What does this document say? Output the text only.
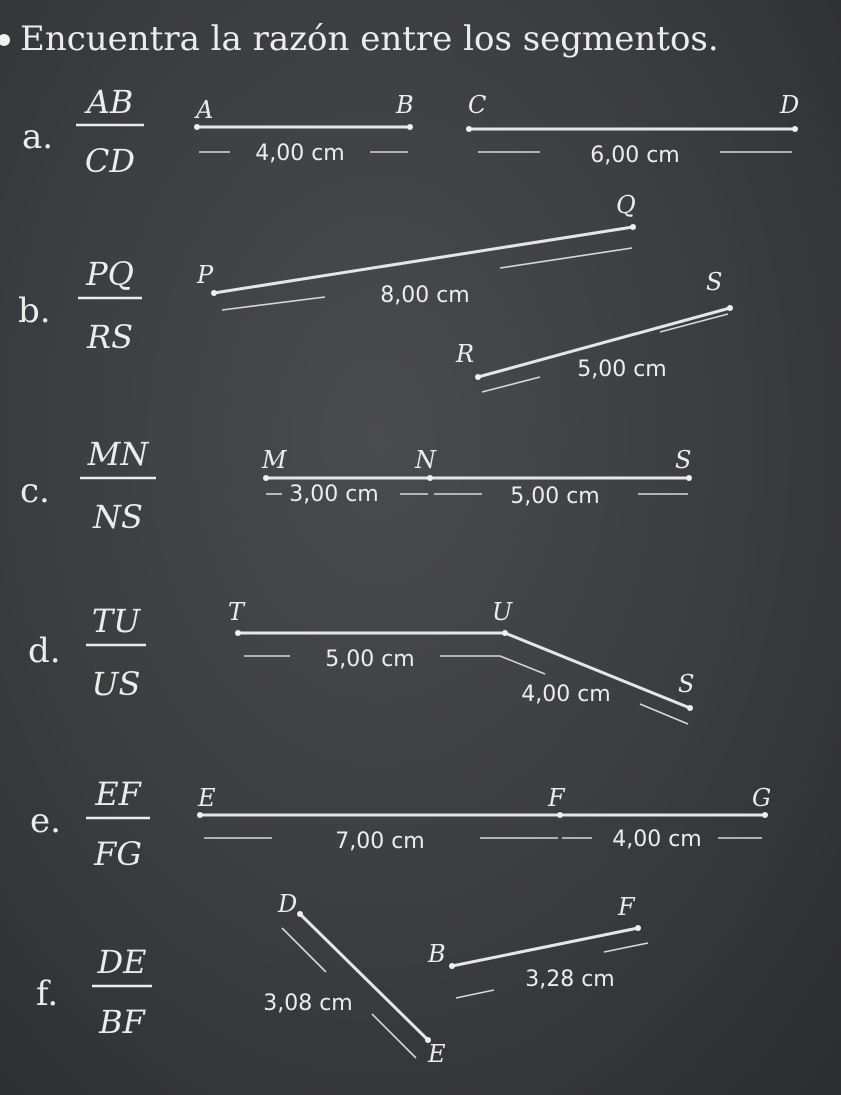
Encuentra la razón entre los segmentos.
a.
AB
CD
A	B
4,00 cm
C	D
6,00 cm
b.
PQ
RS
P
Q
8,00 cm
R
S
5,00 cm
c.
MN
NS
M	N	S
3,00 cm	5,00 cm
d.
TU
US
T	U
S
5,00 cm
4,00 cm
e.
EF
FG
E	F	G
7,00 cm	4,00 cm
f.
DE
BF
D
E
3,08 cm
B
F
3,28 cm
